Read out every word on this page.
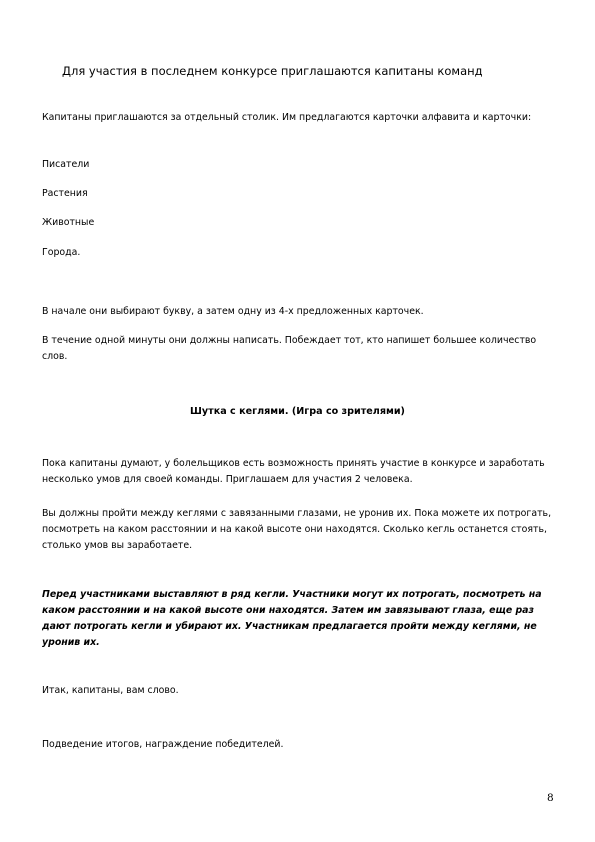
Для участия в последнем конкурсе приглашаются капитаны команд

Капитаны приглашаются за отдельный столик. Им предлагаются карточки алфавита и карточки:

Писатели

Растения

Животные

Города.

В начале они выбирают букву, а затем одну из 4-х предложенных карточек.

В течение одной минуты они должны написать. Побеждает тот, кто напишет большее количество слов.

Шутка с кеглями. (Игра со зрителями)

Пока капитаны думают, у болельщиков есть возможность принять участие в конкурсе и заработать несколько умов для своей команды. Приглашаем для участия 2 человека.

Вы должны пройти между кеглями с завязанными глазами, не уронив их. Пока можете их потрогать, посмотреть на каком расстоянии и на какой высоте они находятся. Сколько кегль останется стоять, столько умов вы заработаете.

Перед участниками выставляют в ряд кегли. Участники могут их потрогать, посмотреть на каком расстоянии и на какой высоте они находятся. Затем им завязывают глаза, еще раз дают потрогать кегли и убирают их. Участникам предлагается пройти между кеглями, не уронив их.

Итак, капитаны, вам слово.

Подведение итогов, награждение победителей.

8
